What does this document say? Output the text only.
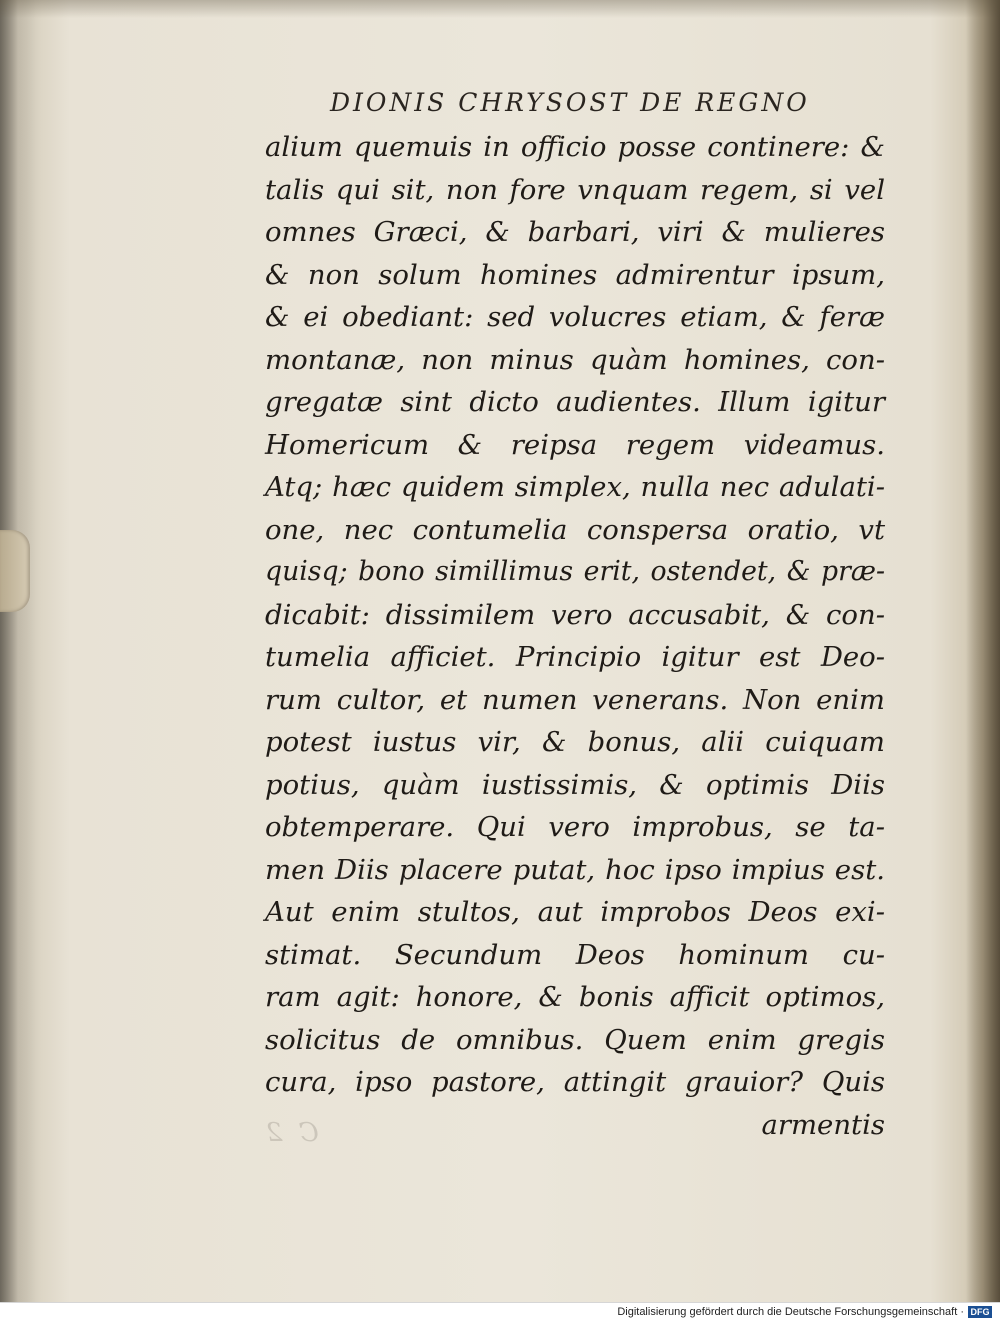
DIONIS CHRYSOST DE REGNO
alium quemuis in officio posse continere: &
talis qui sit, non fore vnquam regem, si vel
omnes Græci, & barbari, viri & mulieres
& non solum homines admirentur ipsum,
& ei obediant: sed volucres etiam, & feræ
montanæ, non minus quàm homines, con-
gregatæ sint dicto audientes. Illum igitur
Homericum & reipsa regem videamus.
Atq; hæc quidem simplex, nulla nec adulati-
one, nec contumelia conspersa oratio, vt
quisq; bono simillimus erit, ostendet, & præ-
dicabit: dissimilem vero accusabit, & con-
tumelia afficiet. Principio igitur est Deo-
rum cultor, et numen venerans. Non enim
potest iustus vir, & bonus, alii cuiquam
potius, quàm iustissimis, & optimis Diis
obtemperare. Qui vero improbus, se ta-
men Diis placere putat, hoc ipso impius est.
Aut enim stultos, aut improbos Deos exi-
stimat. Secundum Deos hominum cu-
ram agit: honore, & bonis afficit optimos,
solicitus de omnibus. Quem enim gregis
cura, ipso pastore, attingit grauior? Quis
armentis
C 2
Digitalisierung gefördert durch die Deutsche Forschungsgemeinschaft · DFG
